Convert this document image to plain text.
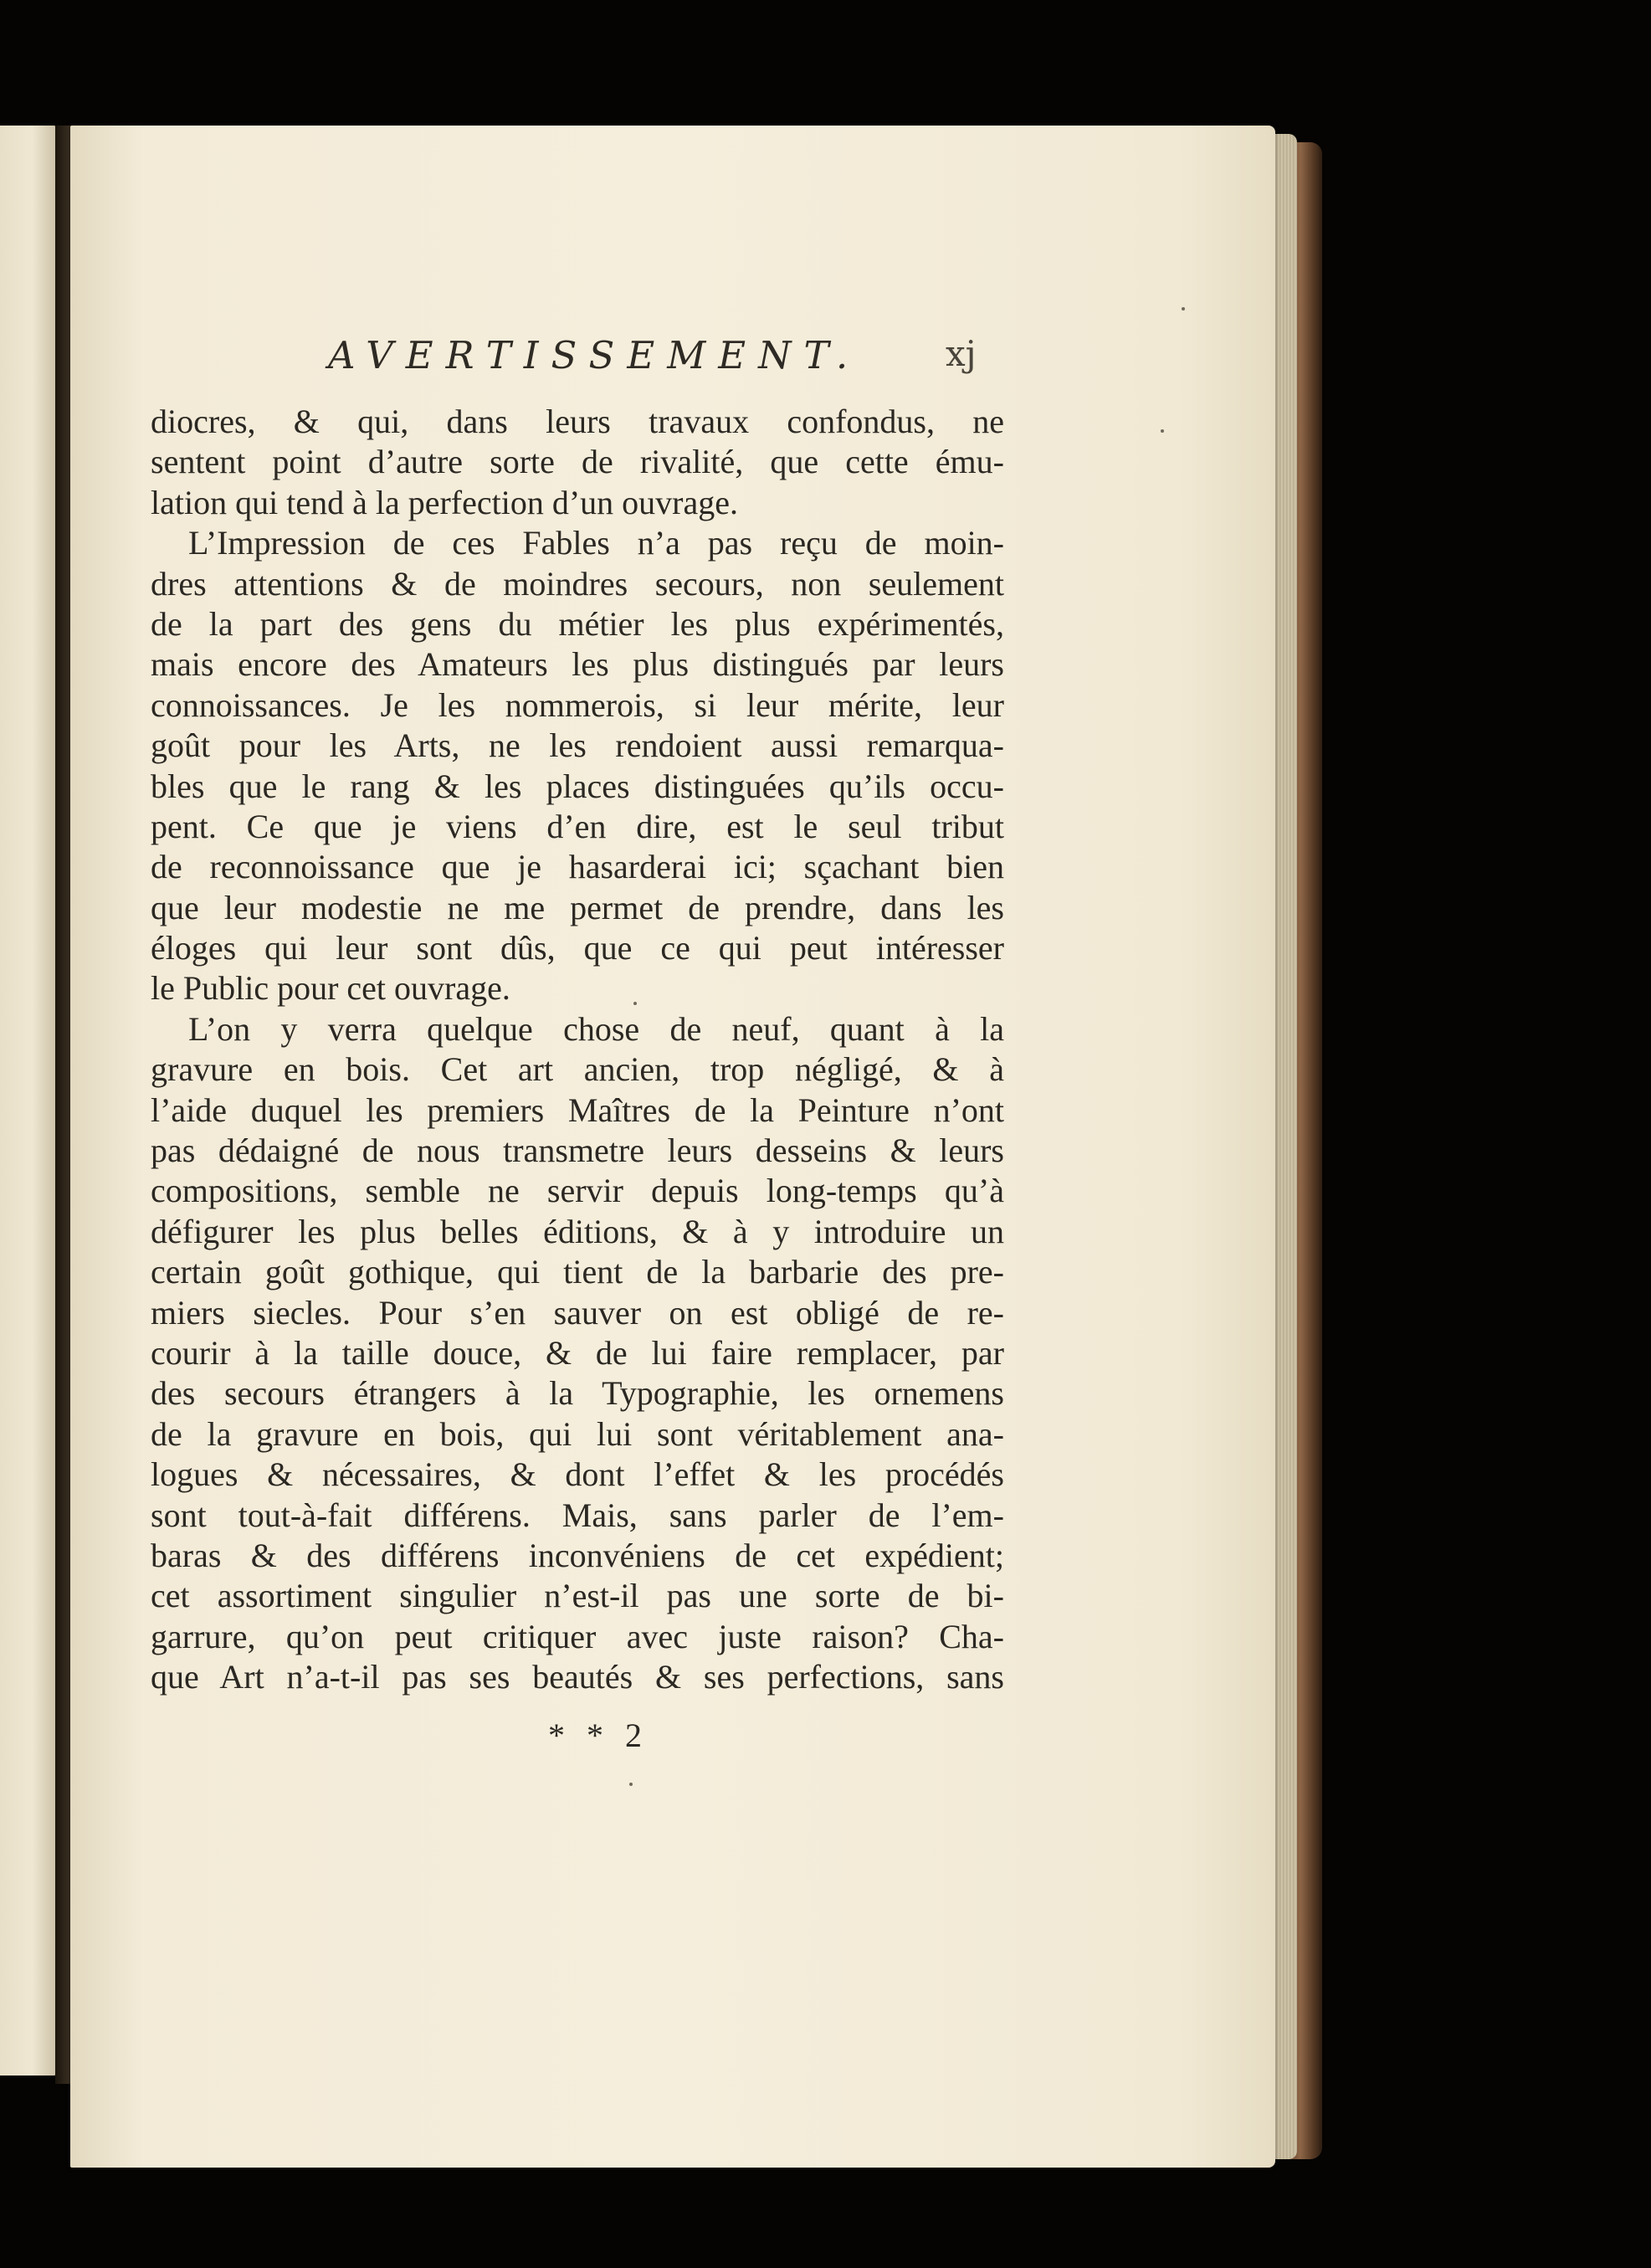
AVERTISSEMENT.	xj
diocres, & qui, dans leurs travaux confondus, ne
sentent point d’autre sorte de rivalité, que cette ému-
lation qui tend à la perfection d’un ouvrage.
L’Impression de ces Fables n’a pas reçu de moin-
dres attentions & de moindres secours, non seulement
de la part des gens du métier les plus expérimentés,
mais encore des Amateurs les plus distingués par leurs
connoissances. Je les nommerois, si leur mérite, leur
goût pour les Arts, ne les rendoient aussi remarqua-
bles que le rang & les places distinguées qu’ils occu-
pent. Ce que je viens d’en dire, est le seul tribut
de reconnoissance que je hasarderai ici; sçachant bien
que leur modestie ne me permet de prendre, dans les
éloges qui leur sont dûs, que ce qui peut intéresser
le Public pour cet ouvrage.
L’on y verra quelque chose de neuf, quant à la
gravure en bois. Cet art ancien, trop négligé, & à
l’aide duquel les premiers Maîtres de la Peinture n’ont
pas dédaigné de nous transmetre leurs desseins & leurs
compositions, semble ne servir depuis long-temps qu’à
défigurer les plus belles éditions, & à y introduire un
certain goût gothique, qui tient de la barbarie des pre-
miers siecles. Pour s’en sauver on est obligé de re-
courir à la taille douce, & de lui faire remplacer, par
des secours étrangers à la Typographie, les ornemens
de la gravure en bois, qui lui sont véritablement ana-
logues & nécessaires, & dont l’effet & les procédés
sont tout-à-fait différens. Mais, sans parler de l’em-
baras & des différens inconvéniens de cet expédient;
cet assortiment singulier n’est-il pas une sorte de bi-
garrure, qu’on peut critiquer avec juste raison? Cha-
que Art n’a-t-il pas ses beautés & ses perfections, sans
* * 2
